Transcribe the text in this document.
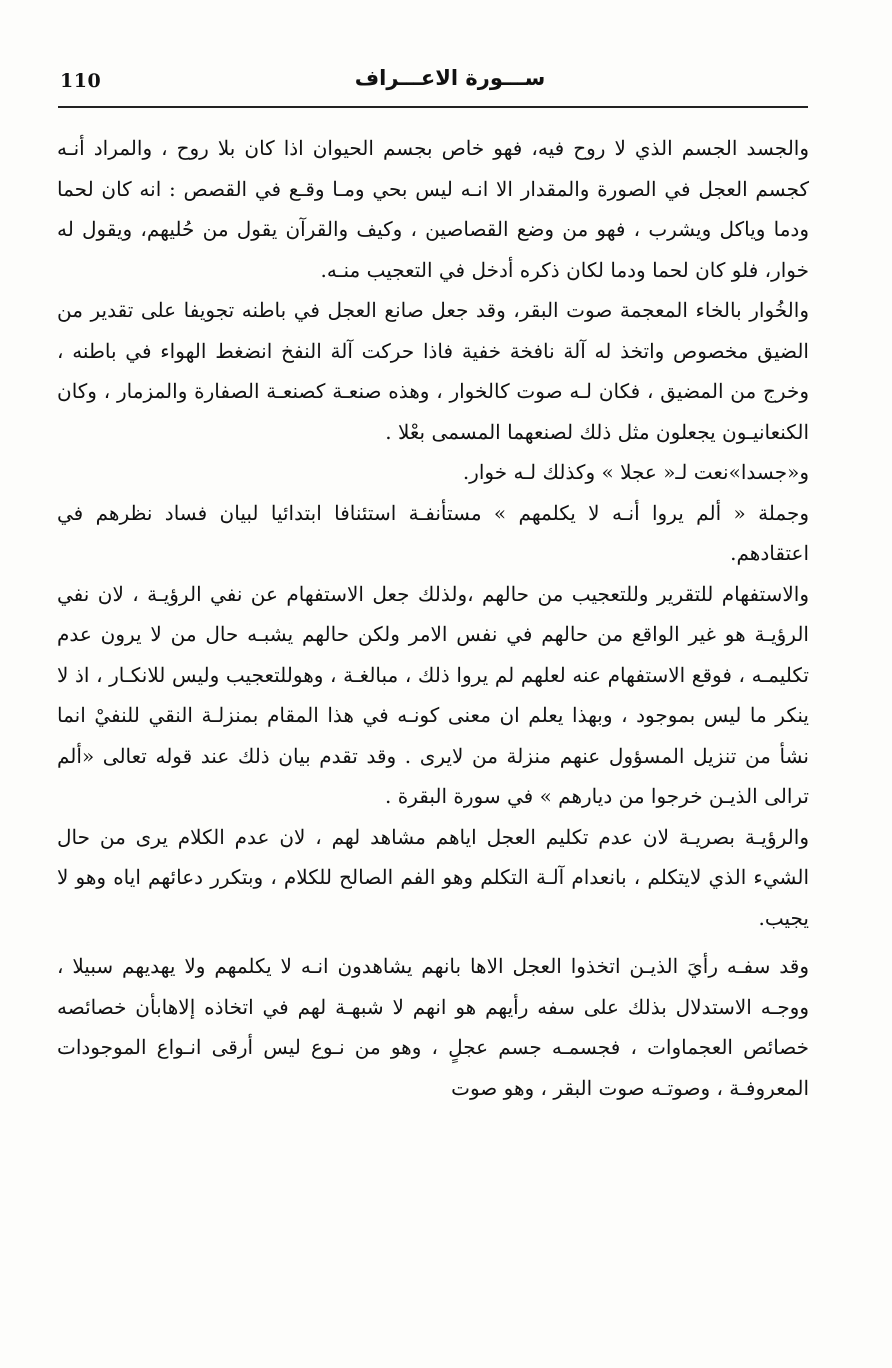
110	ســـورة الاعـــراف

والجسد الجسم الذي لا روح فيه، فهو خاص بجسم الحيوان اذا كان بلا روح ، والمراد أنـه كجسم العجل في الصورة والمقدار الا انـه ليس بحي ومـا وقـع في القصص : انه كان لحما ودما وياكل ويشرب ، فهو من وضع القصاصين ، وكيف والقرآن يقول من حُليهم، ويقول له خوار، فلو كان لحما ودما لكان ذكره أدخل في التعجيب منـه.

والخُوار بالخاء المعجمة صوت البقر، وقد جعل صانع العجل في باطنه تجويفا على تقدير من الضيق مخصوص واتخذ له آلة نافخة خفية فاذا حركت آلة النفخ انضغط الهواء في باطنه ، وخرج من المضيق ، فكان لـه صوت كالخوار ، وهذه صنعـة كصنعـة الصفارة والمزمار ، وكان الكنعانيـون يجعلون مثل ذلك لصنعهما المسمى بعْلا .

و«جسدا»نعت لـ« عجلا » وكذلك لـه خوار.

وجملة « ألم يروا أنـه لا يكلمهم » مستأنفـة استئنافا ابتدائيا لبيان فساد نظرهم في اعتقادهم.

والاستفهام للتقرير وللتعجيب من حالهم ،ولذلك جعل الاستفهام عن نفي الرؤيـة ، لان نفي الرؤيـة هو غير الواقع من حالهم في نفس الامر ولكن حالهم يشبـه حال من لا يرون عدم تكليمـه ، فوقع الاستفهام عنه لعلهم لم يروا ذلك ، مبالغـة ، وهوللتعجيب وليس للانكـار ، اذ لا ينكر ما ليس بموجود ، وبهذا يعلم ان معنى كونـه في هذا المقام بمنزلـة النقي للنفيْ انما نشأ من تنزيل المسؤول عنهم منزلة من لايرى . وقد تقدم بيان ذلك عند قوله تعالى «ألم ترالى الذيـن خرجوا من ديارهم » في سورة البقرة .

والرؤيـة بصريـة لان عدم تكليم العجل اياهم مشاهد لهم ، لان عدم الكلام يرى من حال الشيء الذي لايتكلم ، بانعدام آلـة التكلم وهو الفم الصالح للكلام ، وبتكرر دعائهم اياه وهو لا يجيب.

وقد سفـه رأيَ الذيـن اتخذوا العجل الاها بانهم يشاهدون انـه لا يكلمهم ولا يهديهم سبيلا ، ووجـه الاستدلال بذلك على سفه رأيهم هو انهم لا شبهـة لهم في اتخاذه إلاهابأن خصائصه خصائص العجماوات ، فجسمـه جسم عجلٍ ، وهو من نـوع ليس أرقى انـواع الموجودات المعروفـة ، وصوتـه صوت البقر ، وهو صوت
